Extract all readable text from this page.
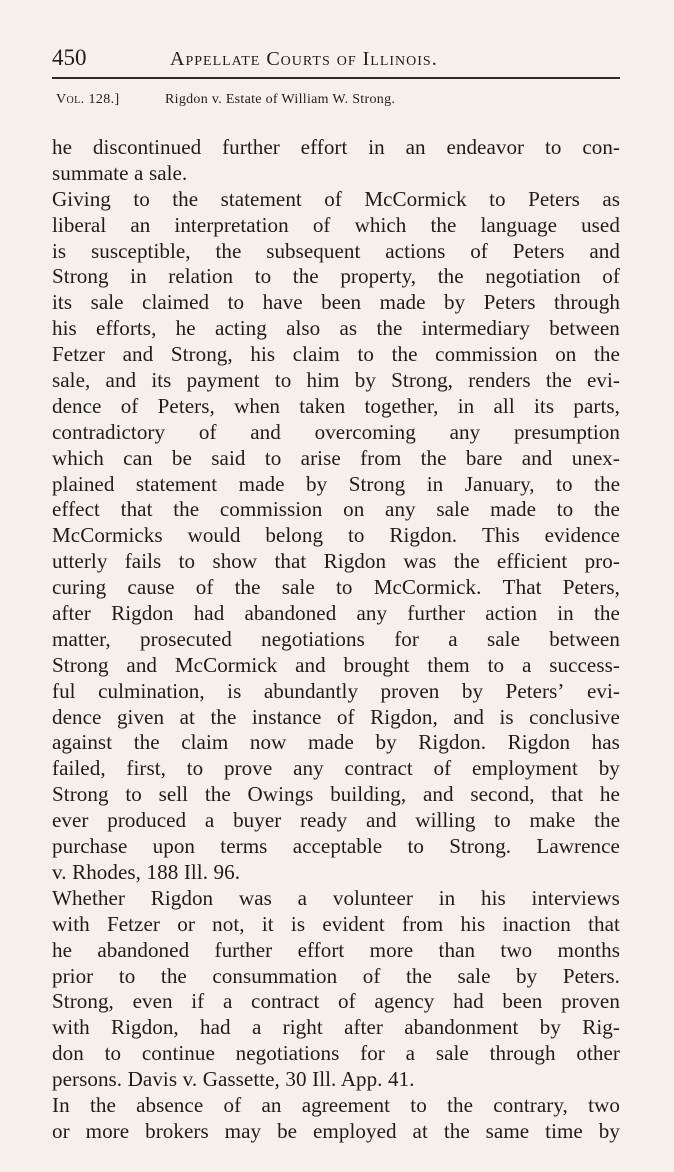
450	Appellate Courts of Illinois.
Vol. 128.]	Rigdon v. Estate of William W. Strong.
he discontinued further effort in an endeavor to con-
summate a sale.
Giving to the statement of McCormick to Peters as
liberal an interpretation of which the language used
is susceptible, the subsequent actions of Peters and
Strong in relation to the property, the negotiation of
its sale claimed to have been made by Peters through
his efforts, he acting also as the intermediary between
Fetzer and Strong, his claim to the commission on the
sale, and its payment to him by Strong, renders the evi-
dence of Peters, when taken together, in all its parts,
contradictory of and overcoming any presumption
which can be said to arise from the bare and unex-
plained statement made by Strong in January, to the
effect that the commission on any sale made to the
McCormicks would belong to Rigdon. This evidence
utterly fails to show that Rigdon was the efficient pro-
curing cause of the sale to McCormick. That Peters,
after Rigdon had abandoned any further action in the
matter, prosecuted negotiations for a sale between
Strong and McCormick and brought them to a success-
ful culmination, is abundantly proven by Peters’ evi-
dence given at the instance of Rigdon, and is conclusive
against the claim now made by Rigdon. Rigdon has
failed, first, to prove any contract of employment by
Strong to sell the Owings building, and second, that he
ever produced a buyer ready and willing to make the
purchase upon terms acceptable to Strong. Lawrence
v. Rhodes, 188 Ill. 96.
Whether Rigdon was a volunteer in his interviews
with Fetzer or not, it is evident from his inaction that
he abandoned further effort more than two months
prior to the consummation of the sale by Peters.
Strong, even if a contract of agency had been proven
with Rigdon, had a right after abandonment by Rig-
don to continue negotiations for a sale through other
persons. Davis v. Gassette, 30 Ill. App. 41.
In the absence of an agreement to the contrary, two
or more brokers may be employed at the same time by
